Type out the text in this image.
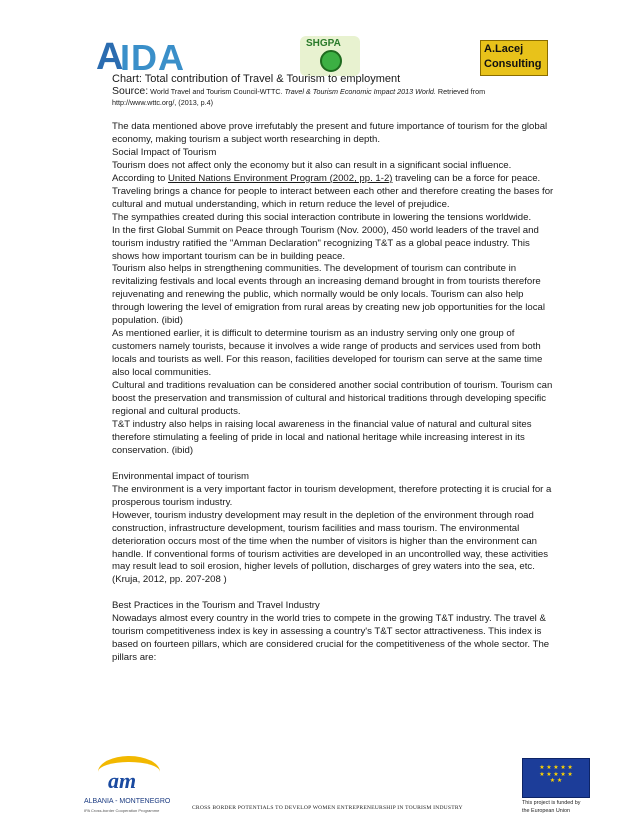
A
IDA	SHGPA	A.Lacej
Consulting

Chart: Total contribution of Travel & Tourism to employment

Source: World Travel and Tourism Council-WTTC. Travel & Tourism Economic Impact 2013 World. Retrieved from

http://www.wttc.org/, (2013, p.4)

The data mentioned above prove irrefutably the present and future importance of tourism for the global economy, making tourism a subject worth researching in depth.

Social Impact of Tourism

Tourism does not affect only the economy but it also can result in a significant social influence.

According to United Nations Environment Program (2002, pp. 1-2) traveling can be a force for peace. Traveling brings a chance for people to interact between each other and therefore creating the bases for cultural and mutual understanding, which in return reduce the level of prejudice.

The sympathies created during this social interaction contribute in lowering the tensions worldwide.

In the first Global Summit on Peace through Tourism (Nov. 2000), 450 world leaders of the travel and tourism industry ratified the "Amman Declaration" recognizing T&T as a global peace industry. This shows how important tourism can be in building peace.

Tourism also helps in strengthening communities. The development of tourism can contribute in revitalizing festivals and local events through an increasing demand brought in from tourists therefore rejuvenating and renewing the public, which normally would be only locals. Tourism can also help through lowering the level of emigration from rural areas by creating new job opportunities for the local population. (ibid)

As mentioned earlier, it is difficult to determine tourism as an industry serving only one group of customers namely tourists, because it involves a wide range of products and services used from both locals and tourists as well. For this reason, facilities developed for tourism can serve at the same time also local communities.

Cultural and traditions revaluation can be considered another social contribution of tourism. Tourism can boost the preservation and transmission of cultural and historical traditions through developing specific regional and cultural products.

T&T industry also helps in raising local awareness in the financial value of natural and cultural sites therefore stimulating a feeling of pride in local and national heritage while increasing interest in its conservation. (ibid)

Environmental impact of tourism

The environment is a very important factor in tourism development, therefore protecting it is crucial for a prosperous tourism industry.

However, tourism industry development may result in the depletion of the environment through road construction, infrastructure development, tourism facilities and mass tourism. The environmental deterioration occurs most of the time when the number of visitors is higher than the environment can handle. If conventional forms of tourism activities are developed in an uncontrolled way, these activities may result lead to soil erosion, higher levels of pollution, discharges of grey waters into the sea, etc. (Kruja, 2012, pp. 207-208 )

Best Practices in the Tourism and Travel Industry

Nowadays almost every country in the world tries to compete in the growing T&T industry. The travel & tourism competitiveness index is key in assessing a country's T&T sector attractiveness. This index is based on fourteen pillars, which are considered crucial for the competitiveness of the whole sector. The pillars are:

am
ALBANIA - MONTENEGRO
IPA Cross-border Cooperation Programme	CROSS BORDER POTENTIALS TO DEVELOP WOMEN ENTREPRENEURSHIP IN TOURISM INDUSTRY
★ ★ ★ ★ ★ ★ ★ ★ ★ ★ ★ ★
This project is funded by
the European Union
